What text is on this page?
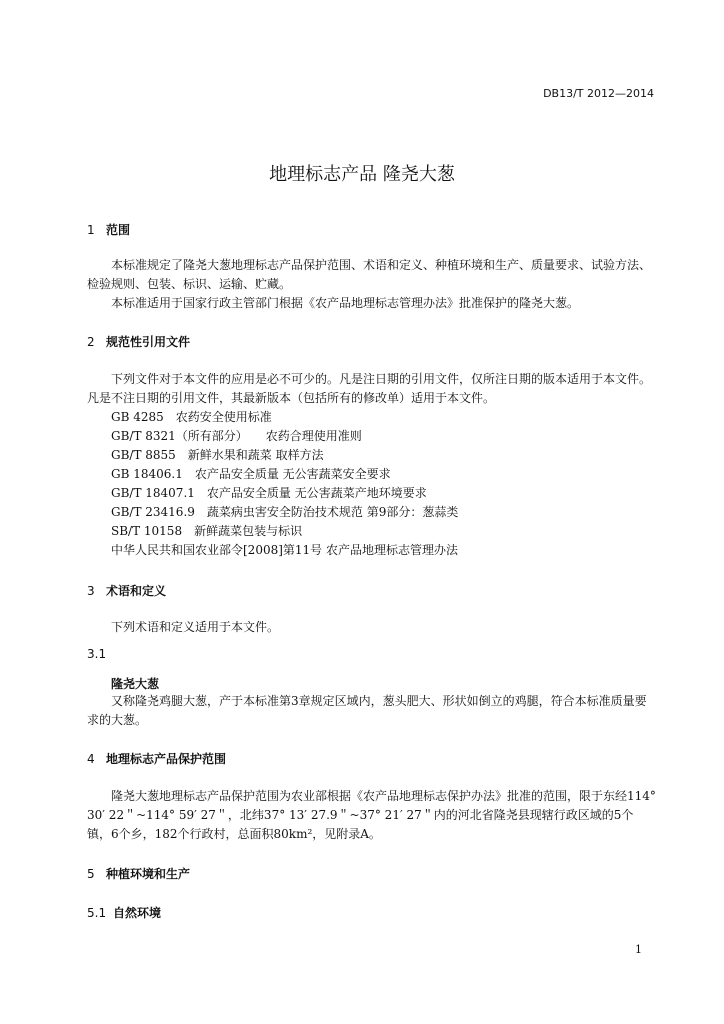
DB13/T 2012—2014
地理标志产品 隆尧大葱
1 范围
本标准规定了隆尧大葱地理标志产品保护范围、术语和定义、种植环境和生产、质量要求、试验方法、检验规则、包装、标识、运输、贮藏。
本标准适用于国家行政主管部门根据《农产品地理标志管理办法》批准保护的隆尧大葱。
2 规范性引用文件
下列文件对于本文件的应用是必不可少的。凡是注日期的引用文件，仅所注日期的版本适用于本文件。凡是不注日期的引用文件，其最新版本（包括所有的修改单）适用于本文件。
GB 4285　农药安全使用标准
GB/T 8321（所有部分）　　农药合理使用准则
GB/T 8855　新鲜水果和蔬菜 取样方法
GB 18406.1　农产品安全质量 无公害蔬菜安全要求
GB/T 18407.1　农产品安全质量 无公害蔬菜产地环境要求
GB/T 23416.9　蔬菜病虫害安全防治技术规范 第9部分：葱蒜类
SB/T 10158　新鲜蔬菜包装与标识
中华人民共和国农业部令[2008]第11号 农产品地理标志管理办法
3 术语和定义
下列术语和定义适用于本文件。
3.1
隆尧大葱
又称隆尧鸡腿大葱，产于本标准第3章规定区域内，葱头肥大、形状如倒立的鸡腿，符合本标准质量要求的大葱。
4 地理标志产品保护范围
隆尧大葱地理标志产品保护范围为农业部根据《农产品地理标志保护办法》批准的范围，限于东经114° 30′ 22＂~114° 59′ 27＂，北纬37° 13′ 27.9＂~37° 21′ 27＂内的河北省隆尧县现辖行政区域的5个镇，6个乡，182个行政村，总面积80km²，见附录A。
5 种植环境和生产
5.1 自然环境
1
